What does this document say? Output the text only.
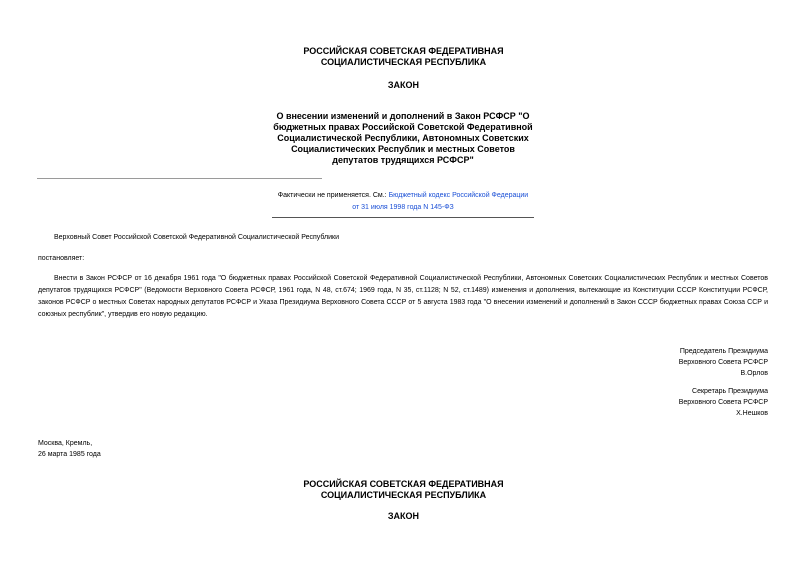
РОССИЙСКАЯ СОВЕТСКАЯ ФЕДЕРАТИВНАЯ
СОЦИАЛИСТИЧЕСКАЯ РЕСПУБЛИКА
ЗАКОН
О внесении изменений и дополнений в Закон РСФСР "О
бюджетных правах Российской Советской Федеративной
Социалистической Республики, Автономных Советских
Социалистических Республик и местных Советов
депутатов трудящихся РСФСР"
Фактически не применяется. См.: Бюджетный кодекс Российской Федерации
от 31 июля 1998 года N 145-ФЗ
Верховный Совет Российской Советской Федеративной Социалистической Республики
постановляет:
Внести в Закон РСФСР от 16 декабря 1961 года "О бюджетных правах Российской Советской Федеративной Социалистической Республики, Автономных Советских Социалистических Республик и местных Советов депутатов трудящихся РСФСР" (Ведомости Верховного Совета РСФСР, 1961 года, N 48, ст.674; 1969 года, N 35, ст.1128; N 52, ст.1489) изменения и дополнения, вытекающие из Конституции СССР Конституции РСФСР, законов РСФСР о местных Советах народных депутатов РСФСР и Указа Президиума Верховного Совета СССР от 5 августа 1983 года "О внесении изменений и дополнений в Закон СССР бюджетных правах Союза ССР и союзных республик", утвердив его новую редакцию.
Председатель Президиума
Верховного Совета РСФСР
В.Орлов
Секретарь Президиума
Верховного Совета РСФСР
Х.Нешков
Москва, Кремль,
26 марта 1985 года
РОССИЙСКАЯ СОВЕТСКАЯ ФЕДЕРАТИВНАЯ
СОЦИАЛИСТИЧЕСКАЯ РЕСПУБЛИКА
ЗАКОН
